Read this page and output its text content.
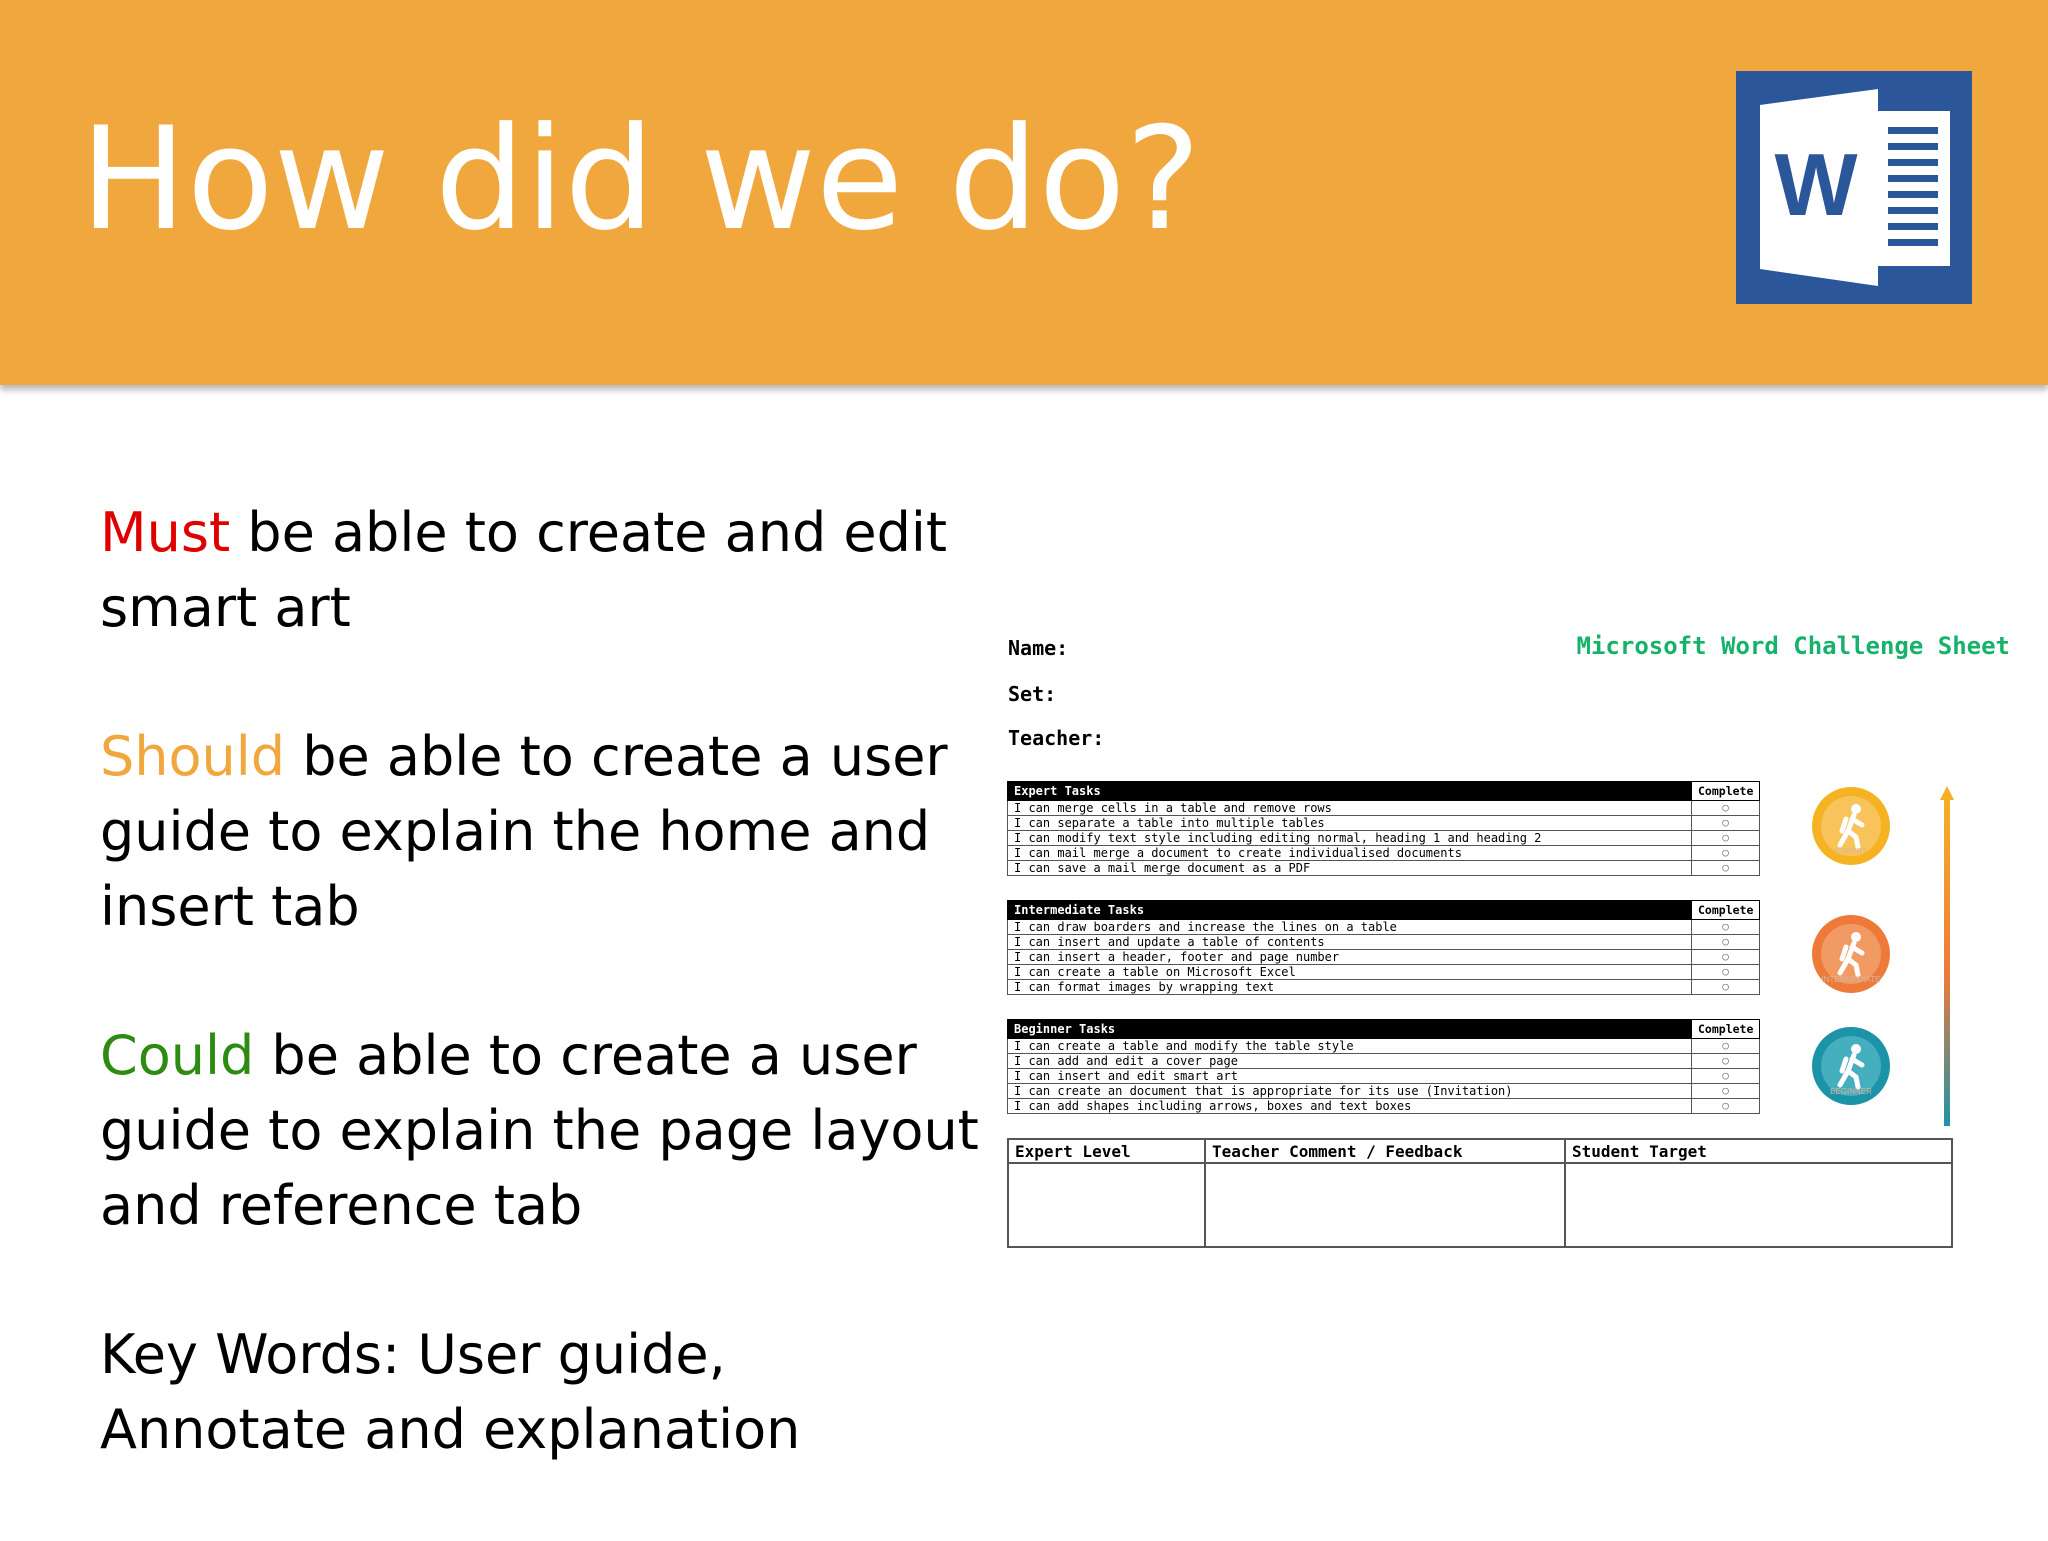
How did we do?	W
Must be able to create and edit smart art
Should be able to create a user guide to explain the home and insert tab
Could be able to create a user guide to explain the page layout and reference tab
Key Words: User guide, Annotate and explanation
Name:
Set:
Teacher:
Microsoft Word Challenge Sheet
Expert Tasks	Complete
I can merge cells in a table and remove rows	○
I can separate a table into multiple tables	○
I can modify text style including editing normal, heading 1 and heading 2	○
I can mail merge a document to create individualised documents	○
I can save a mail merge document as a PDF	○
Intermediate Tasks	Complete
I can draw boarders and increase the lines on a table	○
I can insert and update a table of contents	○
I can insert a header, footer and page number	○
I can create a table on Microsoft Excel	○
I can format images by wrapping text	○
Beginner Tasks	Complete
I can create a table and modify the table style	○
I can add and edit a cover page	○
I can insert and edit smart art	○
I can create an document that is appropriate for its use (Invitation)	○
I can add shapes including arrows, boxes and text boxes	○
EXPERT
INTERMEDIATE
BEGINNER
Expert Level	Teacher Comment / Feedback	Student Target
